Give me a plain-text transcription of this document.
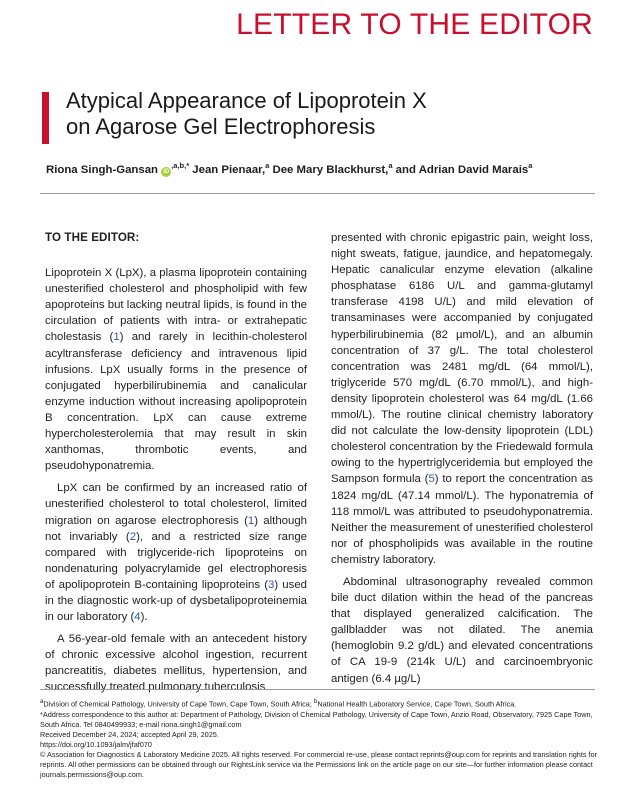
LETTER TO THE EDITOR
Atypical Appearance of Lipoprotein X
on Agarose Gel Electrophoresis
Riona Singh-Gansan $iD^{,a,b,*}$ Jean Pienaar,$^a$ Dee Mary Blackhurst,$^a$ and Adrian David Marais$^a$
TO THE EDITOR:

Lipoprotein X (LpX), a plasma lipoprotein containing unesterified cholesterol and phospholipid with few apoproteins but lacking neutral lipids, is found in the circulation of patients with intra- or extrahepatic cholestasis (1) and rarely in lecithin-cholesterol acyltransferase deficiency and intravenous lipid infusions. LpX usually forms in the presence of conjugated hyperbilirubinemia and canalicular enzyme induction without increasing apolipoprotein B concentration. LpX can cause extreme hypercholesterolemia that may result in skin xanthomas, thrombotic events, and pseudohyponatremia.

LpX can be confirmed by an increased ratio of unesterified cholesterol to total cholesterol, limited migration on agarose electrophoresis (1) although not invariably (2), and a restricted size range compared with triglyceride-rich lipoproteins on nondenaturing polyacrylamide gel electrophoresis of apolipoprotein B-containing lipoproteins (3) used in the diagnostic work-up of dysbetalipoproteinemia in our laboratory (4).

A 56-year-old female with an antecedent history of chronic excessive alcohol ingestion, recurrent pancreatitis, diabetes mellitus, hypertension, and successfully treated pulmonary tuberculosis

presented with chronic epigastric pain, weight loss, night sweats, fatigue, jaundice, and hepatomegaly. Hepatic canalicular enzyme elevation (alkaline phosphatase 6186 U/L and gamma-glutamyl transferase 4198 U/L) and mild elevation of transaminases were accompanied by conjugated hyperbilirubinemia (82 µmol/L), and an albumin concentration of 37 g/L. The total cholesterol concentration was 2481 mg/dL (64 mmol/L), triglyceride 570 mg/dL (6.70 mmol/L), and high-density lipoprotein cholesterol was 64 mg/dL (1.66 mmol/L). The routine clinical chemistry laboratory did not calculate the low-density lipoprotein (LDL) cholesterol concentration by the Friedewald formula owing to the hypertriglyceridemia but employed the Sampson formula (5) to report the concentration as 1824 mg/dL (47.14 mmol/L). The hyponatremia of 118 mmol/L was attributed to pseudohyponatremia. Neither the measurement of unesterified cholesterol nor of phospholipids was available in the routine chemistry laboratory.

Abdominal ultrasonography revealed common bile duct dilation within the head of the pancreas that displayed generalized calcification. The gallbladder was not dilated. The anemia (hemoglobin 9.2 g/dL) and elevated concentrations of CA 19-9 (214k U/L) and carcinoembryonic antigen (6.4 µg/L)

$^a$Division of Chemical Pathology, University of Cape Town, Cape Town, South Africa; $^b$National Health Laboratory Service, Cape Town, South Africa.
*Address correspondence to this author at: Department of Pathology, Division of Chemical Pathology, University of Cape Town, Anzio Road, Observatory, 7925 Cape Town, South Africa. Tel 0840499933; e-mail riona.singh1@gmail.com
Received December 24, 2024; accepted April 29, 2025.
https://doi.org/10.1093/jalm/jfaf070
© Association for Diagnostics & Laboratory Medicine 2025. All rights reserved. For commercial re-use, please contact reprints@oup.com for reprints and translation rights for reprints. All other permissions can be obtained through our RightsLink service via the Permissions link on the article page on our site—for further information please contact journals.permissions@oup.com.
